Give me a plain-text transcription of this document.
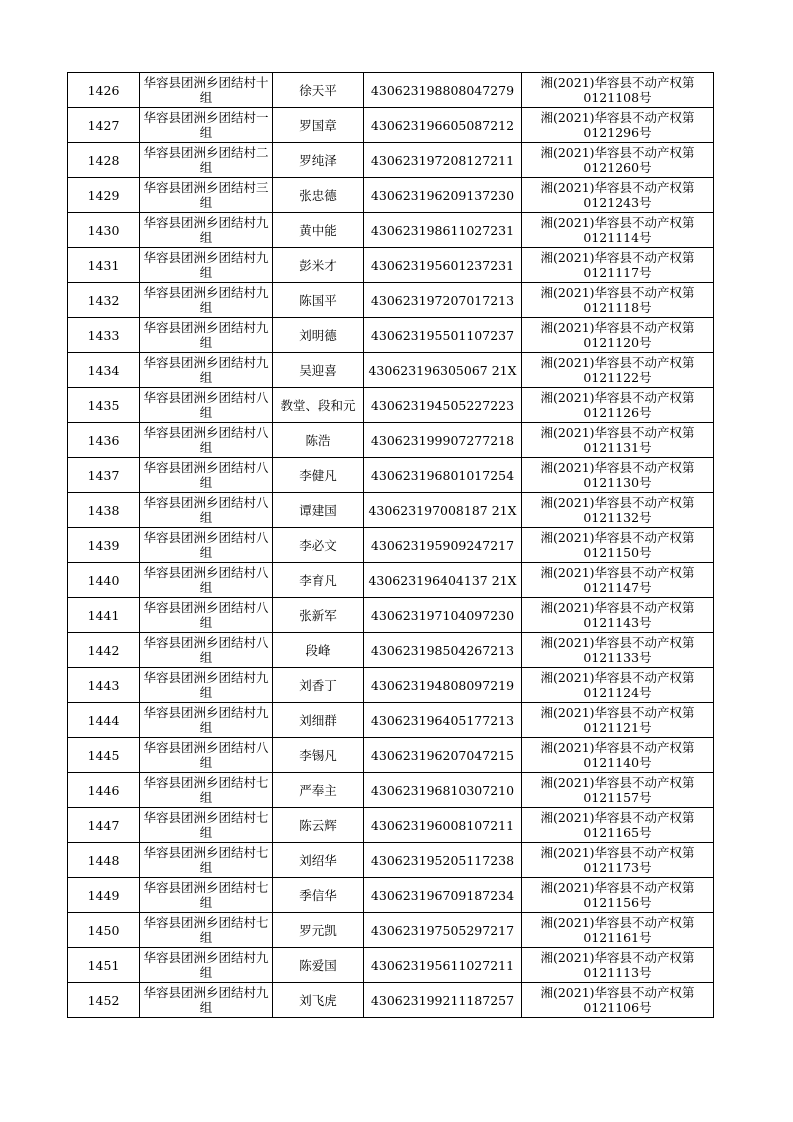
1426	华容县团洲乡团结村十组	徐天平	430623198808047279	湘(2021)华容县不动产权第0121108号
1427	华容县团洲乡团结村一组	罗国章	430623196605087212	湘(2021)华容县不动产权第0121296号
1428	华容县团洲乡团结村二组	罗纯泽	430623197208127211	湘(2021)华容县不动产权第0121260号
1429	华容县团洲乡团结村三组	张忠德	430623196209137230	湘(2021)华容县不动产权第0121243号
1430	华容县团洲乡团结村九组	黄中能	430623198611027231	湘(2021)华容县不动产权第0121114号
1431	华容县团洲乡团结村九组	彭米才	430623195601237231	湘(2021)华容县不动产权第0121117号
1432	华容县团洲乡团结村九组	陈国平	430623197207017213	湘(2021)华容县不动产权第0121118号
1433	华容县团洲乡团结村九组	刘明德	430623195501107237	湘(2021)华容县不动产权第0121120号
1434	华容县团洲乡团结村九组	吴迎喜	430623196305067 21X	湘(2021)华容县不动产权第0121122号
1435	华容县团洲乡团结村八组	教堂、段和元	430623194505227223	湘(2021)华容县不动产权第0121126号
1436	华容县团洲乡团结村八组	陈浩	430623199907277218	湘(2021)华容县不动产权第0121131号
1437	华容县团洲乡团结村八组	李健凡	430623196801017254	湘(2021)华容县不动产权第0121130号
1438	华容县团洲乡团结村八组	谭建国	430623197008187 21X	湘(2021)华容县不动产权第0121132号
1439	华容县团洲乡团结村八组	李必文	430623195909247217	湘(2021)华容县不动产权第0121150号
1440	华容县团洲乡团结村八组	李育凡	430623196404137 21X	湘(2021)华容县不动产权第0121147号
1441	华容县团洲乡团结村八组	张新军	430623197104097230	湘(2021)华容县不动产权第0121143号
1442	华容县团洲乡团结村八组	段峰	430623198504267213	湘(2021)华容县不动产权第0121133号
1443	华容县团洲乡团结村九组	刘香丁	430623194808097219	湘(2021)华容县不动产权第0121124号
1444	华容县团洲乡团结村九组	刘细群	430623196405177213	湘(2021)华容县不动产权第0121121号
1445	华容县团洲乡团结村八组	李锡凡	430623196207047215	湘(2021)华容县不动产权第0121140号
1446	华容县团洲乡团结村七组	严奉主	430623196810307210	湘(2021)华容县不动产权第0121157号
1447	华容县团洲乡团结村七组	陈云辉	430623196008107211	湘(2021)华容县不动产权第0121165号
1448	华容县团洲乡团结村七组	刘绍华	430623195205117238	湘(2021)华容县不动产权第0121173号
1449	华容县团洲乡团结村七组	季信华	430623196709187234	湘(2021)华容县不动产权第0121156号
1450	华容县团洲乡团结村七组	罗元凯	430623197505297217	湘(2021)华容县不动产权第0121161号
1451	华容县团洲乡团结村九组	陈爱国	430623195611027211	湘(2021)华容县不动产权第0121113号
1452	华容县团洲乡团结村九组	刘飞虎	430623199211187257	湘(2021)华容县不动产权第0121106号
